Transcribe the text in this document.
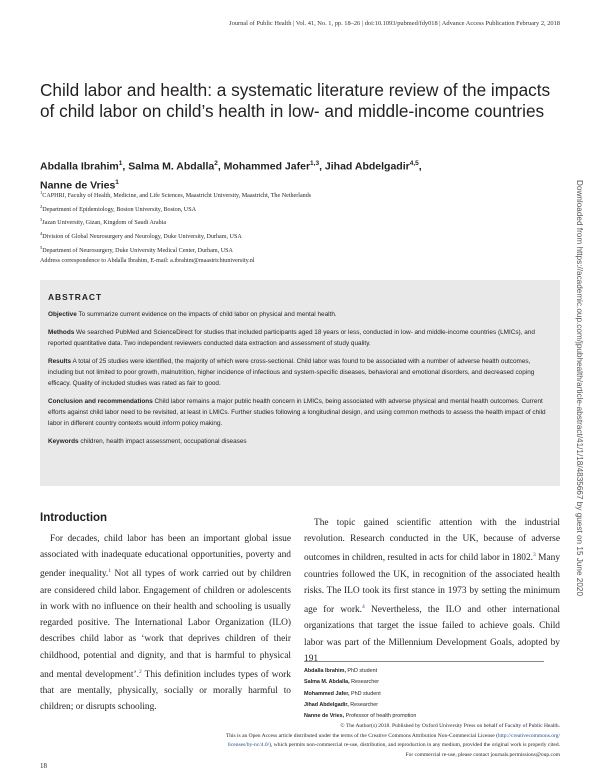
Journal of Public Health | Vol. 41, No. 1, pp. 18–26 | doi:10.1093/pubmed/fdy018 | Advance Access Publication February 2, 2018
Child labor and health: a systematic literature review of the impacts of child labor on child’s health in low- and middle-income countries
Abdalla Ibrahim$^1$, Salma M. Abdalla$^2$, Mohammed Jafer$^{1,3}$, Jihad Abdelgadir$^{4,5}$,
Nanne de Vries$^1$
$^1$CAPHRI, Faculty of Health, Medicine, and Life Sciences, Maastricht University, Maastricht, The Netherlands
$^2$Department of Epidemiology, Boston University, Boston, USA
$^3$Jazan University, Gizan, Kingdom of Saudi Arabia
$^4$Division of Global Neurosurgery and Neurology, Duke University, Durham, USA
$^5$Department of Neurosurgery, Duke University Medical Center, Durham, USA
Address correspondence to Abdalla Ibrahim, E-mail: a.ibrahim@maastrichtuniversity.nl
ABSTRACT
Objective To summarize current evidence on the impacts of child labor on physical and mental health.
Methods We searched PubMed and ScienceDirect for studies that included participants aged 18 years or less, conducted in low- and middle-income countries (LMICs), and reported quantitative data. Two independent reviewers conducted data extraction and assessment of study quality.
Results A total of 25 studies were identified, the majority of which were cross-sectional. Child labor was found to be associated with a number of adverse health outcomes, including but not limited to poor growth, malnutrition, higher incidence of infectious and system-specific diseases, behavioral and emotional disorders, and decreased coping efficacy. Quality of included studies was rated as fair to good.
Conclusion and recommendations Child labor remains a major public health concern in LMICs, being associated with adverse physical and mental health outcomes. Current efforts against child labor need to be revisited, at least in LMICs. Further studies following a longitudinal design, and using common methods to assess the health impact of child labor in different country contexts would inform policy making.
Keywords children, health impact assessment, occupational diseases
Introduction
For decades, child labor has been an important global issue associated with inadequate educational opportunities, poverty and gender inequality.$^1$ Not all types of work carried out by children are considered child labor. Engagement of children or adolescents in work with no influence on their health and schooling is usually regarded positive. The International Labor Organization (ILO) describes child labor as ‘work that deprives children of their childhood, potential and dignity, and that is harmful to physical and mental development’.$^2$ This definition includes types of work that are mentally, physically, socially or morally harmful to children; or disrupts schooling.
The topic gained scientific attention with the industrial revolution. Research conducted in the UK, because of adverse outcomes in children, resulted in acts for child labor in 1802.$^3$ Many countries followed the UK, in recognition of the associated health risks. The ILO took its first stance in 1973 by setting the minimum age for work.$^4$ Nevertheless, the ILO and other international organizations that target the issue failed to achieve goals. Child labor was part of the Millennium Development Goals, adopted by 191
Abdalla Ibrahim, PhD student
Salma M. Abdalla, Researcher
Mohammed Jafer, PhD student
Jihad Abdelgadir, Researcher
Nanne de Vries, Professor of health promotion
© The Author(s) 2018. Published by Oxford University Press on behalf of Faculty of Public Health.
This is an Open Access article distributed under the terms of the Creative Commons Attribution Non-Commercial License (http://creativecommons.org/
licenses/by-nc/4.0/), which permits non-commercial re-use, distribution, and reproduction in any medium, provided the original work is properly cited.
For commercial re-use, please contact journals.permissions@oup.com
18
Downloaded from https://academic.oup.com/jpubhealth/article-abstract/41/1/18/4835667 by guest on 15 June 2020
